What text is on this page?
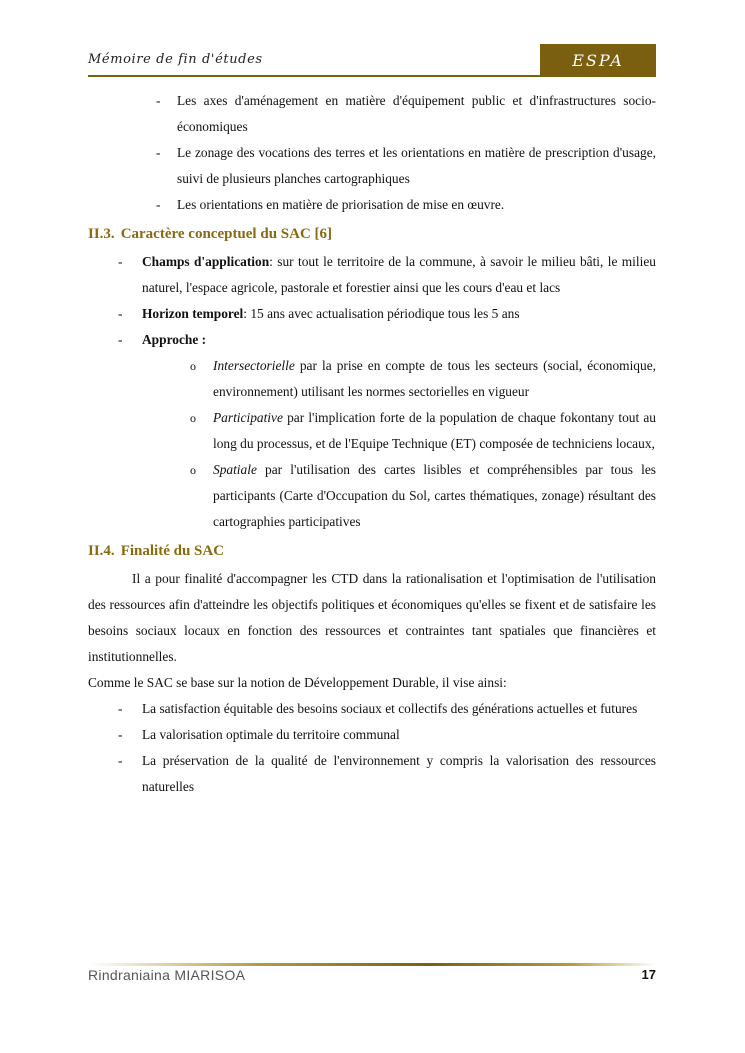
Mémoire de fin d'études	ESPA
- Les axes d'aménagement en matière d'équipement public et d'infrastructures socio-économiques
- Le zonage des vocations des terres et les orientations en matière de prescription d'usage, suivi de plusieurs planches cartographiques
- Les orientations en matière de priorisation de mise en œuvre.
II.3. Caractère conceptuel du SAC [6]
- Champs d'application: sur tout le territoire de la commune, à savoir le milieu bâti, le milieu naturel, l'espace agricole, pastorale et forestier ainsi que les cours d'eau et lacs
- Horizon temporel: 15 ans avec actualisation périodique tous les 5 ans
- Approche :
o Intersectorielle par la prise en compte de tous les secteurs (social, économique, environnement) utilisant les normes sectorielles en vigueur
o Participative par l'implication forte de la population de chaque fokontany tout au long du processus, et de l'Equipe Technique (ET) composée de techniciens locaux,
o Spatiale par l'utilisation des cartes lisibles et compréhensibles par tous les participants (Carte d'Occupation du Sol, cartes thématiques, zonage) résultant des cartographies participatives
II.4. Finalité du SAC
Il a pour finalité d'accompagner les CTD dans la rationalisation et l'optimisation de l'utilisation des ressources afin d'atteindre les objectifs politiques et économiques qu'elles se fixent et de satisfaire les besoins sociaux locaux en fonction des ressources et contraintes tant spatiales que financières et institutionnelles.
Comme le SAC se base sur la notion de Développement Durable, il vise ainsi:
- La satisfaction équitable des besoins sociaux et collectifs des générations actuelles et futures
- La valorisation optimale du territoire communal
- La préservation de la qualité de l'environnement y compris la valorisation des ressources naturelles
Rindraniaina MIARISOA	17
